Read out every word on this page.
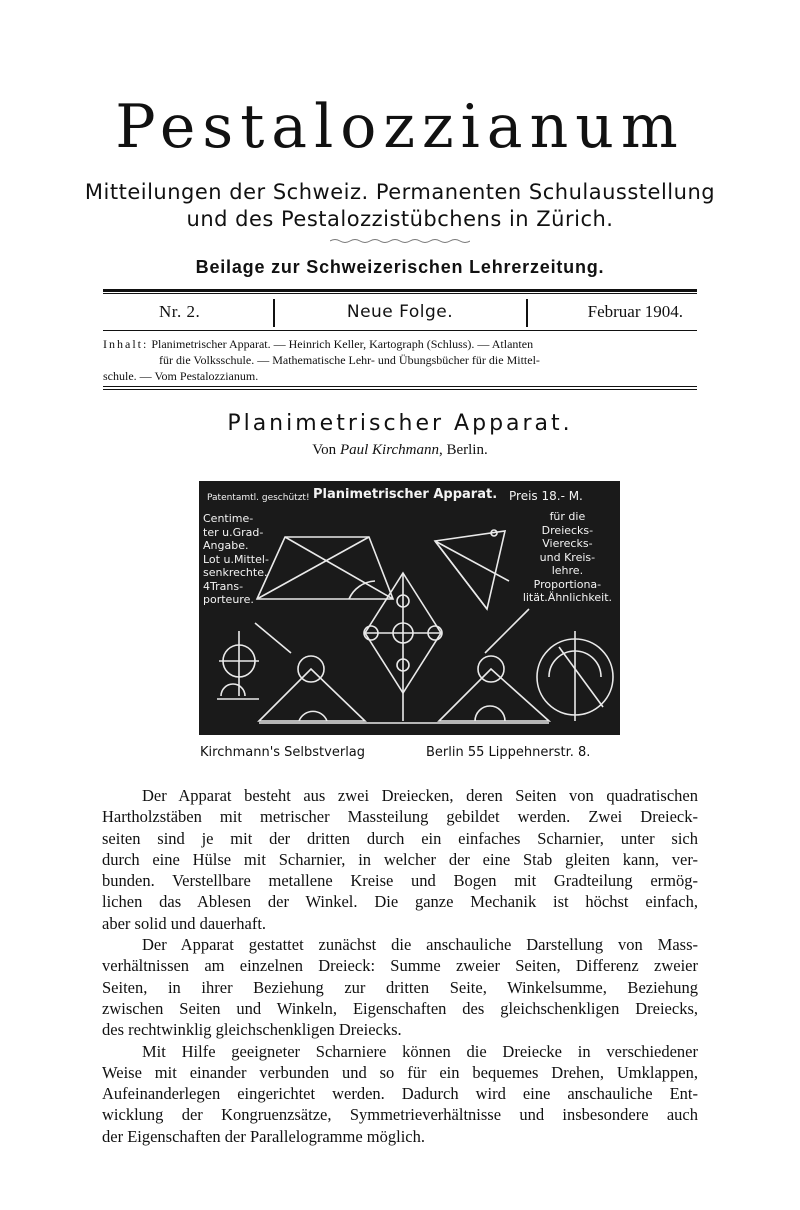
Pestalozzianum
Mitteilungen der Schweiz. Permanenten Schulausstellung
und des Pestalozzistübchens in Zürich.
Beilage zur Schweizerischen Lehrerzeitung.
Nr. 2.	Neue Folge.	Februar 1904.
Inhalt: Planimetrischer Apparat. — Heinrich Keller, Kartograph (Schluss). — Atlanten
für die Volksschule. — Mathematische Lehr- und Übungsbücher für die Mittel-
schule. — Vom Pestalozzianum.
Planimetrischer Apparat.
Von Paul Kirchmann, Berlin.
Patentamtl. geschützt! Planimetrischer Apparat. Preis 18.- M.
Centime-
ter u.Grad-
Angabe.
Lot u.Mittel-
senkrechte.
4Trans-
porteure.
für die
Dreiecks-
Vierecks-
und Kreis-
lehre.
Proportiona-
lität.Ähnlichkeit.
Kirchmann's Selbstverlag	Berlin 55 Lippehnerstr. 8.
Der Apparat besteht aus zwei Dreiecken, deren Seiten von quadratischen
Hartholzstäben mit metrischer Massteilung gebildet werden. Zwei Dreieck-
seiten sind je mit der dritten durch ein einfaches Scharnier, unter sich
durch eine Hülse mit Scharnier, in welcher der eine Stab gleiten kann, ver-
bunden. Verstellbare metallene Kreise und Bogen mit Gradteilung ermög-
lichen das Ablesen der Winkel. Die ganze Mechanik ist höchst einfach,
aber solid und dauerhaft.
Der Apparat gestattet zunächst die anschauliche Darstellung von Mass-
verhältnissen am einzelnen Dreieck: Summe zweier Seiten, Differenz zweier
Seiten, in ihrer Beziehung zur dritten Seite, Winkelsumme, Beziehung
zwischen Seiten und Winkeln, Eigenschaften des gleichschenkligen Dreiecks,
des rechtwinklig gleichschenkligen Dreiecks.
Mit Hilfe geeigneter Scharniere können die Dreiecke in verschiedener
Weise mit einander verbunden und so für ein bequemes Drehen, Umklappen,
Aufeinanderlegen eingerichtet werden. Dadurch wird eine anschauliche Ent-
wicklung der Kongruenzsätze, Symmetrieverhältnisse und insbesondere auch
der Eigenschaften der Parallelogramme möglich.
